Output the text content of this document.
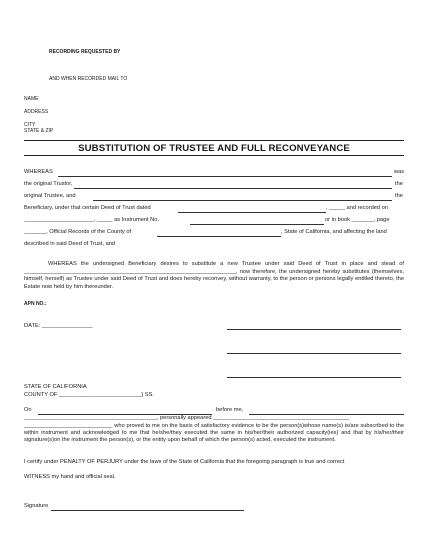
RECORDING REQUESTED BY
AND WHEN RECORDED MAIL TO
NAME
ADDRESS
CITY
STATE & ZIP
SUBSTITUTION OF TRUSTEE AND FULL RECONVEYANCE
WHEREAS	was
the original Trustor,	the
original Trustee, and	the
Beneficiary, under that certain Deed of Trust dated	, _____ and recorded on
______________________, _____ as Instrument No.	or in book _______, page
_______, Official Records of the County of	, State of California, and affecting the land
described in said Deed of Trust, and
WHEREAS the undersigned Beneficiary desires to substitute a new Trustee under said Deed of Trust in place and stead of ___________________________________________________________________, now therefore, the undersigned hereby substitutes (themselves, himself, herself) as Trustee under said Deed of Trust and does hereby reconvey, without warranty, to the person or persons legally entitled thereto, the Estate now held by him thereunder.
APN NO.:
DATE: ________________
STATE OF CALIFORNIA
COUNTY OF __________________________} SS.
On	before me,
__________________________________________, personally appeared ___________________________________________
____________________________ who proved to me on the basis of satisfactory evidence to be the person(s)whose name(s) is/are subscribed to the within instrument and acknowledged to me that he/she/they executed the same in his/her/their authorized capacity(ies) and that by his/her/their signature(s)on the instrument the person(s), or the entity upon behalf of which the person(s) acted, executed the instrument.
I certify under PENALTY OF PERJURY under the laws of the State of California that the foregoing paragraph is true and correct
WITNESS my hand and official seal.
Signature
